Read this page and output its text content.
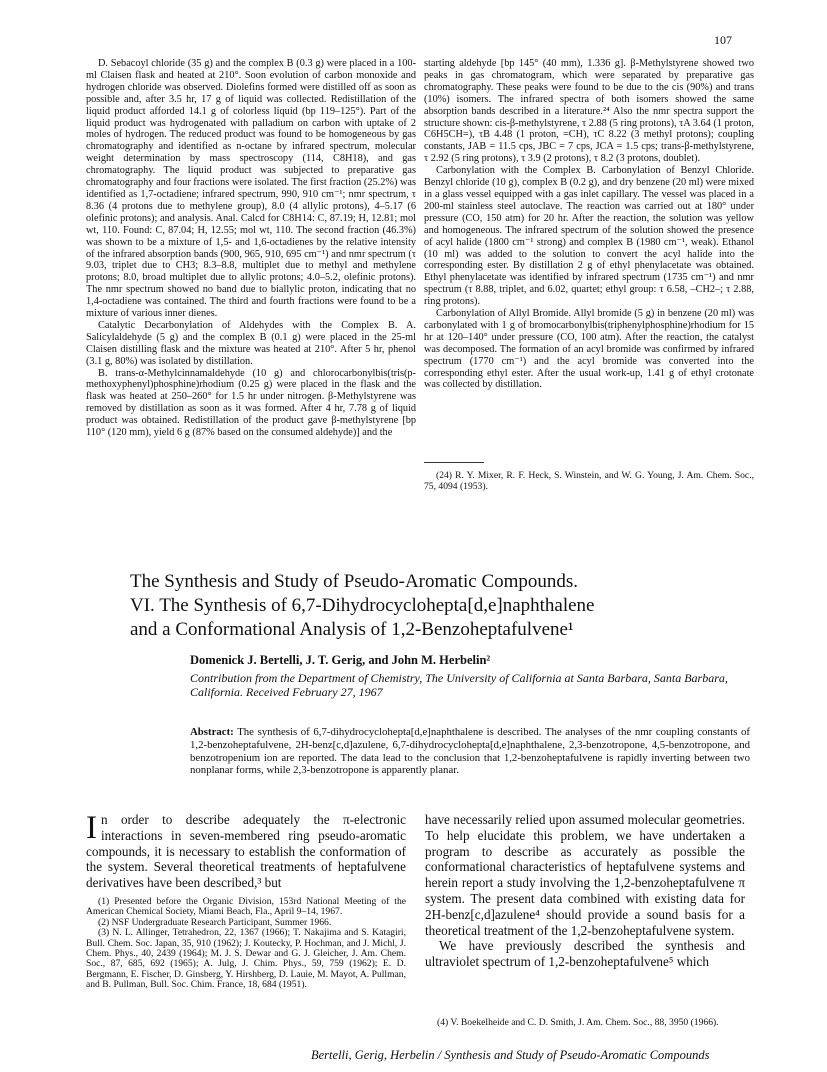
107

D. Sebacoyl chloride (35 g) and the complex B (0.3 g) were placed in a 100-ml Claisen flask and heated at 210°. Soon evolution of carbon monoxide and hydrogen chloride was observed. Diolefins formed were distilled off as soon as possible and, after 3.5 hr, 17 g of liquid was collected. Redistillation of the liquid product afforded 14.1 g of colorless liquid (bp 119–125°). Part of the liquid product was hydrogenated with palladium on carbon with uptake of 2 moles of hydrogen. The reduced product was found to be homogeneous by gas chromatography and identified as n-octane by infrared spectrum, molecular weight determination by mass spectroscopy (114, C8H18), and gas chromatography. The liquid product was subjected to preparative gas chromatography and four fractions were isolated. The first fraction (25.2%) was identified as 1,7-octadiene; infrared spectrum, 990, 910 cm⁻¹; nmr spectrum, τ 8.36 (4 protons due to methylene group), 8.0 (4 allylic protons), 4–5.17 (6 olefinic protons); and analysis. Anal. Calcd for C8H14: C, 87.19; H, 12.81; mol wt, 110. Found: C, 87.04; H, 12.55; mol wt, 110. The second fraction (46.3%) was shown to be a mixture of 1,5- and 1,6-octadienes by the relative intensity of the infrared absorption bands (900, 965, 910, 695 cm⁻¹) and nmr spectrum (τ 9.03, triplet due to CH3; 8.3–8.8, multiplet due to methyl and methylene protons; 8.0, broad multiplet due to allylic protons; 4.0–5.2, olefinic protons). The nmr spectrum showed no band due to biallylic proton, indicating that no 1,4-octadiene was contained. The third and fourth fractions were found to be a mixture of various inner dienes.

Catalytic Decarbonylation of Aldehydes with the Complex B. A. Salicylaldehyde (5 g) and the complex B (0.1 g) were placed in the 25-ml Claisen distilling flask and the mixture was heated at 210°. After 5 hr, phenol (3.1 g, 80%) was isolated by distillation.

B. trans-α-Methylcinnamaldehyde (10 g) and chlorocarbonylbis(tris(p-methoxyphenyl)phosphine)rhodium (0.25 g) were placed in the flask and the flask was heated at 250–260° for 1.5 hr under nitrogen. β-Methylstyrene was removed by distillation as soon as it was formed. After 4 hr, 7.78 g of liquid product was obtained. Redistillation of the product gave β-methylstyrene [bp 110° (120 mm), yield 6 g (87% based on the consumed aldehyde)] and the

starting aldehyde [bp 145° (40 mm), 1.336 g]. β-Methylstyrene showed two peaks in gas chromatogram, which were separated by preparative gas chromatography. These peaks were found to be due to the cis (90%) and trans (10%) isomers. The infrared spectra of both isomers showed the same absorption bands described in a literature.²⁴ Also the nmr spectra support the structure shown: cis-β-methylstyrene, τ 2.88 (5 ring protons), τA 3.64 (1 proton, C6H5CH=), τB 4.48 (1 proton, =CH), τC 8.22 (3 methyl protons); coupling constants, JAB = 11.5 cps, JBC = 7 cps, JCA = 1.5 cps; trans-β-methylstyrene, τ 2.92 (5 ring protons), τ 3.9 (2 protons), τ 8.2 (3 protons, doublet).

Carbonylation with the Complex B. Carbonylation of Benzyl Chloride. Benzyl chloride (10 g), complex B (0.2 g), and dry benzene (20 ml) were mixed in a glass vessel equipped with a gas inlet capillary. The vessel was placed in a 200-ml stainless steel autoclave. The reaction was carried out at 180° under pressure (CO, 150 atm) for 20 hr. After the reaction, the solution was yellow and homogeneous. The infrared spectrum of the solution showed the presence of acyl halide (1800 cm⁻¹ strong) and complex B (1980 cm⁻¹, weak). Ethanol (10 ml) was added to the solution to convert the acyl halide into the corresponding ester. By distillation 2 g of ethyl phenylacetate was obtained. Ethyl phenylacetate was identified by infrared spectrum (1735 cm⁻¹) and nmr spectrum (τ 8.88, triplet, and 6.02, quartet; ethyl group: τ 6.58, –CH2–; τ 2.88, ring protons).

Carbonylation of Allyl Bromide. Allyl bromide (5 g) in benzene (20 ml) was carbonylated with 1 g of bromocarbonylbis(triphenylphosphine)rhodium for 15 hr at 120–140° under pressure (CO, 100 atm). After the reaction, the catalyst was decomposed. The formation of an acyl bromide was confirmed by infrared spectrum (1770 cm⁻¹) and the acyl bromide was converted into the corresponding ethyl ester. After the usual work-up, 1.41 g of ethyl crotonate was collected by distillation.

(24) R. Y. Mixer, R. F. Heck, S. Winstein, and W. G. Young, J. Am. Chem. Soc., 75, 4094 (1953).
The Synthesis and Study of Pseudo-Aromatic Compounds.
VI. The Synthesis of 6,7-Dihydrocyclohepta[d,e]naphthalene
and a Conformational Analysis of 1,2-Benzoheptafulvene¹
Domenick J. Bertelli, J. T. Gerig, and John M. Herbelin²
Contribution from the Department of Chemistry, The University of California at Santa Barbara, Santa Barbara, California. Received February 27, 1967
Abstract: The synthesis of 6,7-dihydrocyclohepta[d,e]naphthalene is described. The analyses of the nmr coupling constants of 1,2-benzoheptafulvene, 2H-benz[c,d]azulene, 6,7-dihydrocyclohepta[d,e]naphthalene, 2,3-benzotropone, 4,5-benzotropone, and benzotropenium ion are reported. The data lead to the conclusion that 1,2-benzoheptafulvene is rapidly inverting between two nonplanar forms, while 2,3-benzotropone is apparently planar.
In order to describe adequately the π-electronic interactions in seven-membered ring pseudo-aromatic compounds, it is necessary to establish the conformation of the system. Several theoretical treatments of heptafulvene derivatives have been described,³ but

(1) Presented before the Organic Division, 153rd National Meeting of the American Chemical Society, Miami Beach, Fla., April 9–14, 1967.

(2) NSF Undergraduate Research Participant, Summer 1966.

(3) N. L. Allinger, Tetrahedron, 22, 1367 (1966); T. Nakajima and S. Katagiri, Bull. Chem. Soc. Japan, 35, 910 (1962); J. Koutecky, P. Hochman, and J. Michl, J. Chem. Phys., 40, 2439 (1964); M. J. S. Dewar and G. J. Gleicher, J. Am. Chem. Soc., 87, 685, 692 (1965); A. Julg, J. Chim. Phys., 59, 759 (1962); E. D. Bergmann, E. Fischer, D. Ginsberg, Y. Hirshberg, D. Lauie, M. Mayot, A. Pullman, and B. Pullman, Bull. Soc. Chim. France, 18, 684 (1951).

have necessarily relied upon assumed molecular geometries. To help elucidate this problem, we have undertaken a program to describe as accurately as possible the conformational characteristics of heptafulvene systems and herein report a study involving the 1,2-benzoheptafulvene π system. The present data combined with existing data for 2H-benz[c,d]azulene⁴ should provide a sound basis for a theoretical treatment of the 1,2-benzoheptafulvene system.
We have previously described the synthesis and ultraviolet spectrum of 1,2-benzoheptafulvene⁵ which

(4) V. Boekelheide and C. D. Smith, J. Am. Chem. Soc., 88, 3950 (1966).

Bertelli, Gerig, Herbelin / Synthesis and Study of Pseudo-Aromatic Compounds
